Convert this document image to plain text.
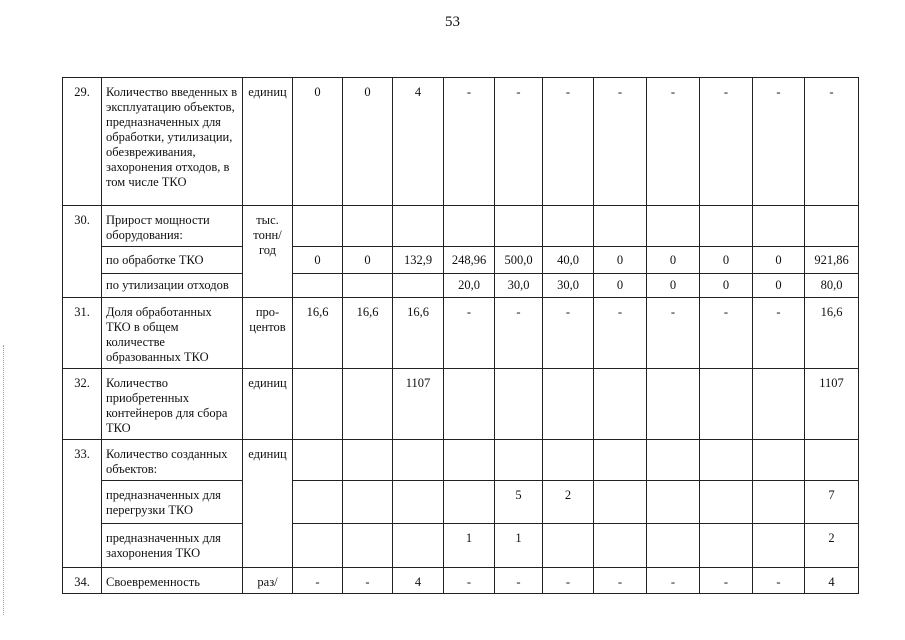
53
29.	Количество введенных в эксплуатацию объектов, предназначенных для обработки, утилизации, обезвреживания, захоронения отходов, в том числе ТКО	единиц	0	0	4	-	-	-	-	-	-	-	-
30.	Прирост мощности оборудования:	тыс. тонн/ год											
	по обработке ТКО		0	0	132,9	248,96	500,0	40,0	0	0	0	0	921,86
	по утилизации отходов					20,0	30,0	30,0	0	0	0	0	80,0
31.	Доля обработанных ТКО в общем количестве образованных ТКО	про- центов	16,6	16,6	16,6	-	-	-	-	-	-	-	16,6
32.	Количество приобретенных контейнеров для сбора ТКО	единиц			1107								1107
33.	Количество созданных объектов:	единиц											
	предназначенных для перегрузки ТКО						5	2					7
	предназначенных для захоронения ТКО					1	1						2
34.	Своевременность	раз/	-	-	4	-	-	-	-	-	-	-	4
